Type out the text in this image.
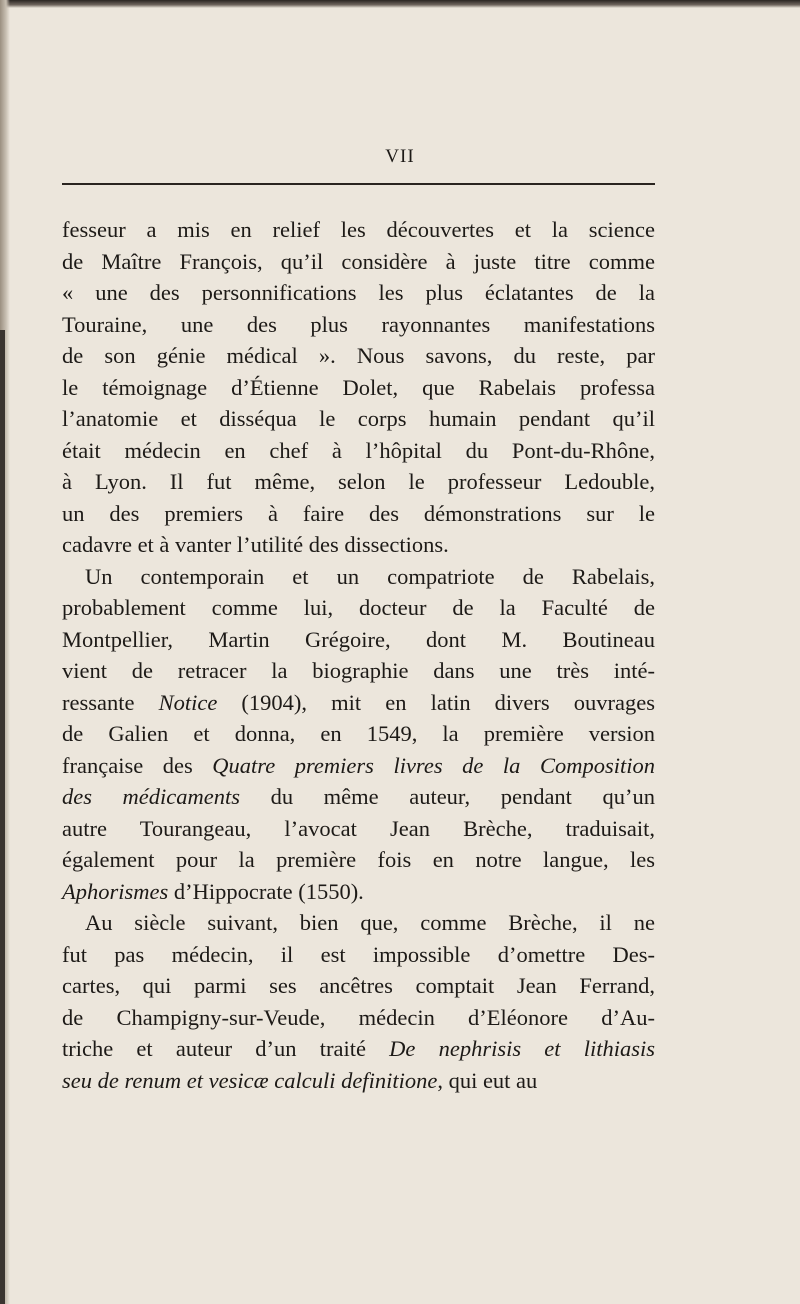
VII
fesseur a mis en relief les découvertes et la science
de Maître François, qu’il considère à juste titre comme
« une des personnifications les plus éclatantes de la
Touraine, une des plus rayonnantes manifestations
de son génie médical ». Nous savons, du reste, par
le témoignage d’Étienne Dolet, que Rabelais professa
l’anatomie et disséqua le corps humain pendant qu’il
était médecin en chef à l’hôpital du Pont-du-Rhône,
à Lyon. Il fut même, selon le professeur Ledouble,
un des premiers à faire des démonstrations sur le
cadavre et à vanter l’utilité des dissections.
Un contemporain et un compatriote de Rabelais,
probablement comme lui, docteur de la Faculté de
Montpellier, Martin Grégoire, dont M. Boutineau
vient de retracer la biographie dans une très inté-
ressante Notice (1904), mit en latin divers ouvrages
de Galien et donna, en 1549, la première version
française des Quatre premiers livres de la Composition
des médicaments du même auteur, pendant qu’un
autre Tourangeau, l’avocat Jean Brèche, traduisait,
également pour la première fois en notre langue, les
Aphorismes d’Hippocrate (1550).
Au siècle suivant, bien que, comme Brèche, il ne
fut pas médecin, il est impossible d’omettre Des-
cartes, qui parmi ses ancêtres comptait Jean Ferrand,
de Champigny-sur-Veude, médecin d’Eléonore d’Au-
triche et auteur d’un traité De nephrisis et lithiasis
seu de renum et vesicæ calculi definitione, qui eut au
